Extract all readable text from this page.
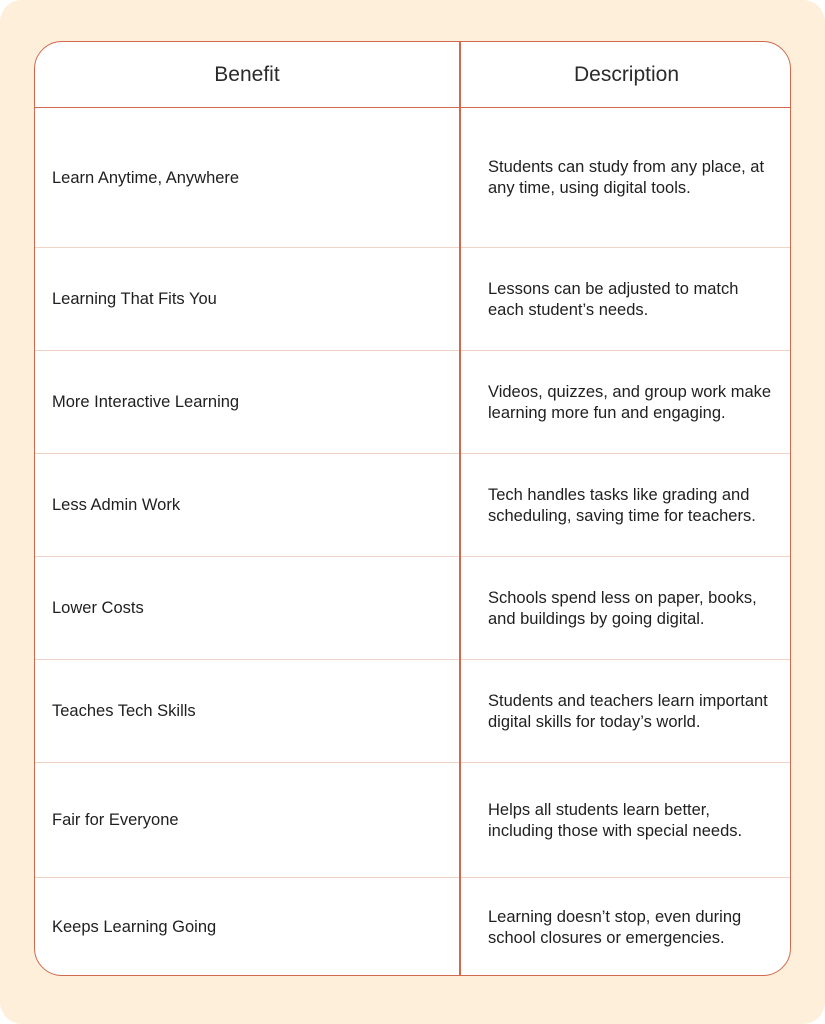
Benefit	Description
Learn Anytime, Anywhere
Students can study from any place, at any time, using digital tools.
Learning That Fits You
Lessons can be adjusted to match each student’s needs.
More Interactive Learning
Videos, quizzes, and group work make learning more fun and engaging.
Less Admin Work
Tech handles tasks like grading and scheduling, saving time for teachers.
Lower Costs
Schools spend less on paper, books, and buildings by going digital.
Teaches Tech Skills
Students and teachers learn important digital skills for today’s world.
Fair for Everyone
Helps all students learn better, including those with special needs.
Keeps Learning Going
Learning doesn’t stop, even during school closures or emergencies.
